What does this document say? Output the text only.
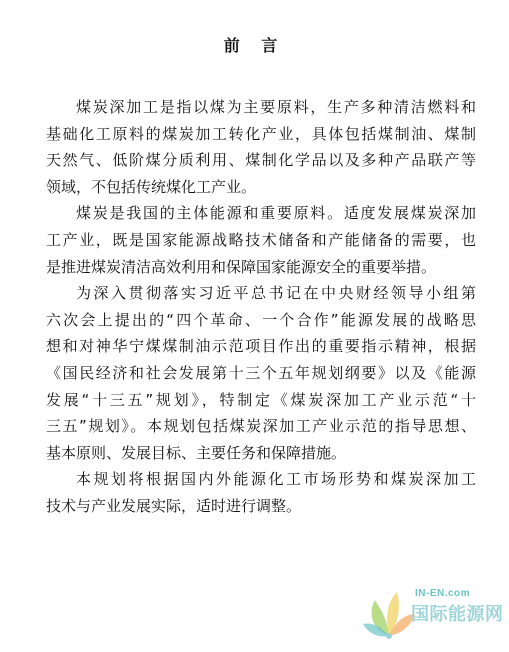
前 言
煤炭深加工是指以煤为主要原料，生产多种清洁燃料和
基础化工原料的煤炭加工转化产业，具体包括煤制油、煤制
天然气、低阶煤分质利用、煤制化学品以及多种产品联产等
领域，不包括传统煤化工产业。
煤炭是我国的主体能源和重要原料。适度发展煤炭深加
工产业，既是国家能源战略技术储备和产能储备的需要，也
是推进煤炭清洁高效利用和保障国家能源安全的重要举措。
为深入贯彻落实习近平总书记在中央财经领导小组第
六次会上提出的“四个革命、一个合作”能源发展的战略思
想和对神华宁煤煤制油示范项目作出的重要指示精神，根据
《国民经济和社会发展第十三个五年规划纲要》以及《能源
发展“十三五”规划》，特制定《煤炭深加工产业示范“十
三五”规划》。本规划包括煤炭深加工产业示范的指导思想、
基本原则、发展目标、主要任务和保障措施。
本规划将根据国内外能源化工市场形势和煤炭深加工
技术与产业发展实际，适时进行调整。
IN-EN.com
国际能源网
